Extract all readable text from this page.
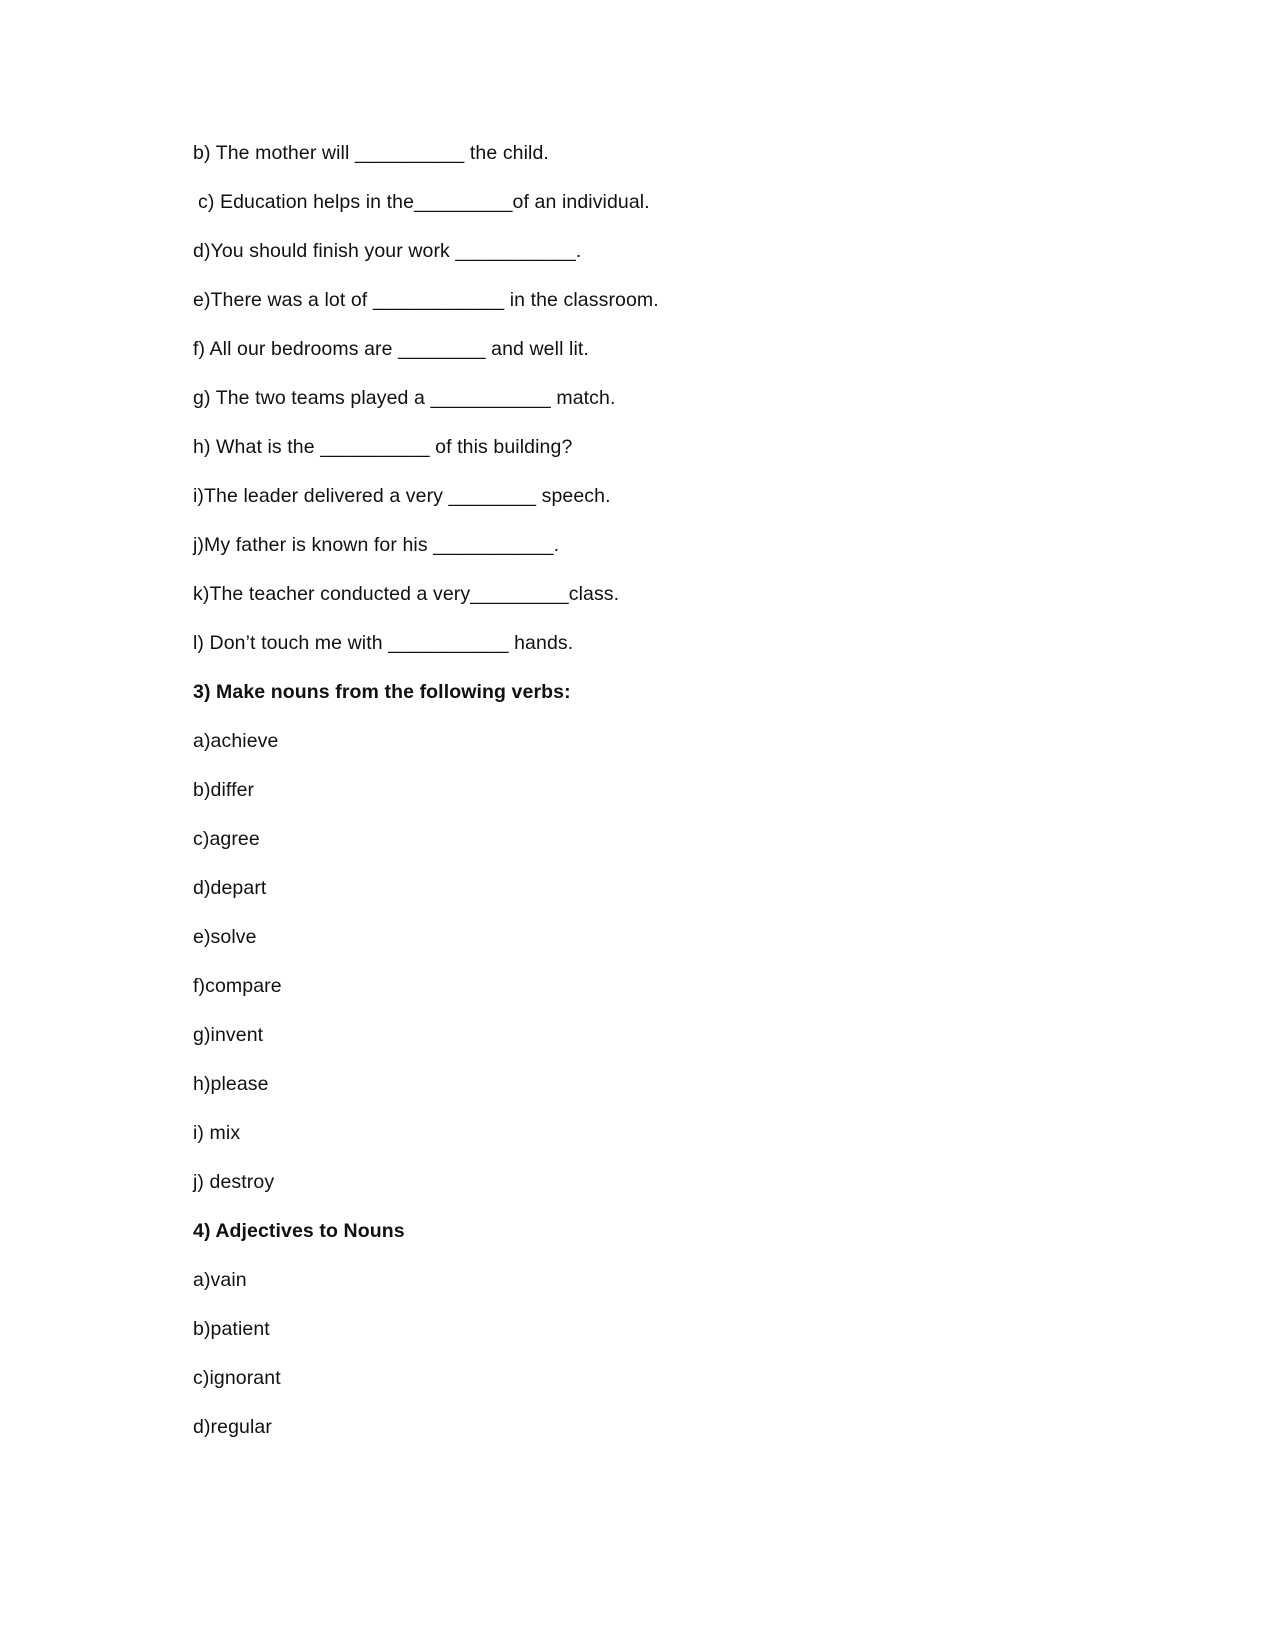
b) The mother will __________ the child.
c) Education helps in the_________of an individual.
d)You should finish your work ___________.
e)There was a lot of ____________ in the classroom.
f) All our bedrooms are ________ and well lit.
g) The two teams played a ___________ match.
h) What is the __________ of this building?
i)The leader delivered a very ________ speech.
j)My father is known for his ___________.
k)The teacher conducted a very_________class.
l) Don’t touch me with ___________ hands.
3) Make nouns from the following verbs:
a)achieve
b)differ
c)agree
d)depart
e)solve
f)compare
g)invent
h)please
i) mix
j) destroy
4) Adjectives to Nouns
a)vain
b)patient
c)ignorant
d)regular
